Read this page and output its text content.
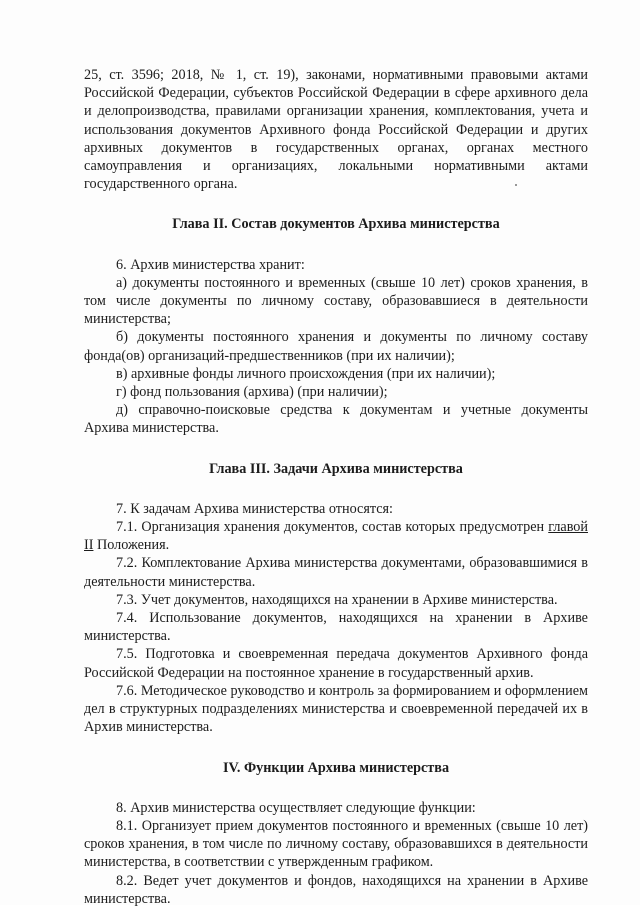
25, ст. 3596; 2018, № 1, ст. 19), законами, нормативными правовыми актами Российской Федерации, субъектов Российской Федерации в сфере архивного дела и делопроизводства, правилами организации хранения, комплектования, учета и использования документов Архивного фонда Российской Федерации и других архивных документов в государственных органах, органах местного самоуправления и организациях, локальными нормативными актами государственного органа.

Глава II. Состав документов Архива министерства

6. Архив министерства хранит:

а) документы постоянного и временных (свыше 10 лет) сроков хранения, в том числе документы по личному составу, образовавшиеся в деятельности министерства;

б) документы постоянного хранения и документы по личному составу фонда(ов) организаций-предшественников (при их наличии);

в) архивные фонды личного происхождения (при их наличии);

г) фонд пользования (архива) (при наличии);

д) справочно-поисковые средства к документам и учетные документы Архива министерства.

Глава III. Задачи Архива министерства

7. К задачам Архива министерства относятся:

7.1. Организация хранения документов, состав которых предусмотрен главой II Положения.

7.2. Комплектование Архива министерства документами, образовавшимися в деятельности министерства.

7.3. Учет документов, находящихся на хранении в Архиве министерства.

7.4. Использование документов, находящихся на хранении в Архиве министерства.

7.5. Подготовка и своевременная передача документов Архивного фонда Российской Федерации на постоянное хранение в государственный архив.

7.6. Методическое руководство и контроль за формированием и оформлением дел в структурных подразделениях министерства и своевременной передачей их в Архив министерства.

IV. Функции Архива министерства

8. Архив министерства осуществляет следующие функции:

8.1. Организует прием документов постоянного и временных (свыше 10 лет) сроков хранения, в том числе по личному составу, образовавшихся в деятельности министерства, в соответствии с утвержденным графиком.

8.2. Ведет учет документов и фондов, находящихся на хранении в Архиве министерства.
